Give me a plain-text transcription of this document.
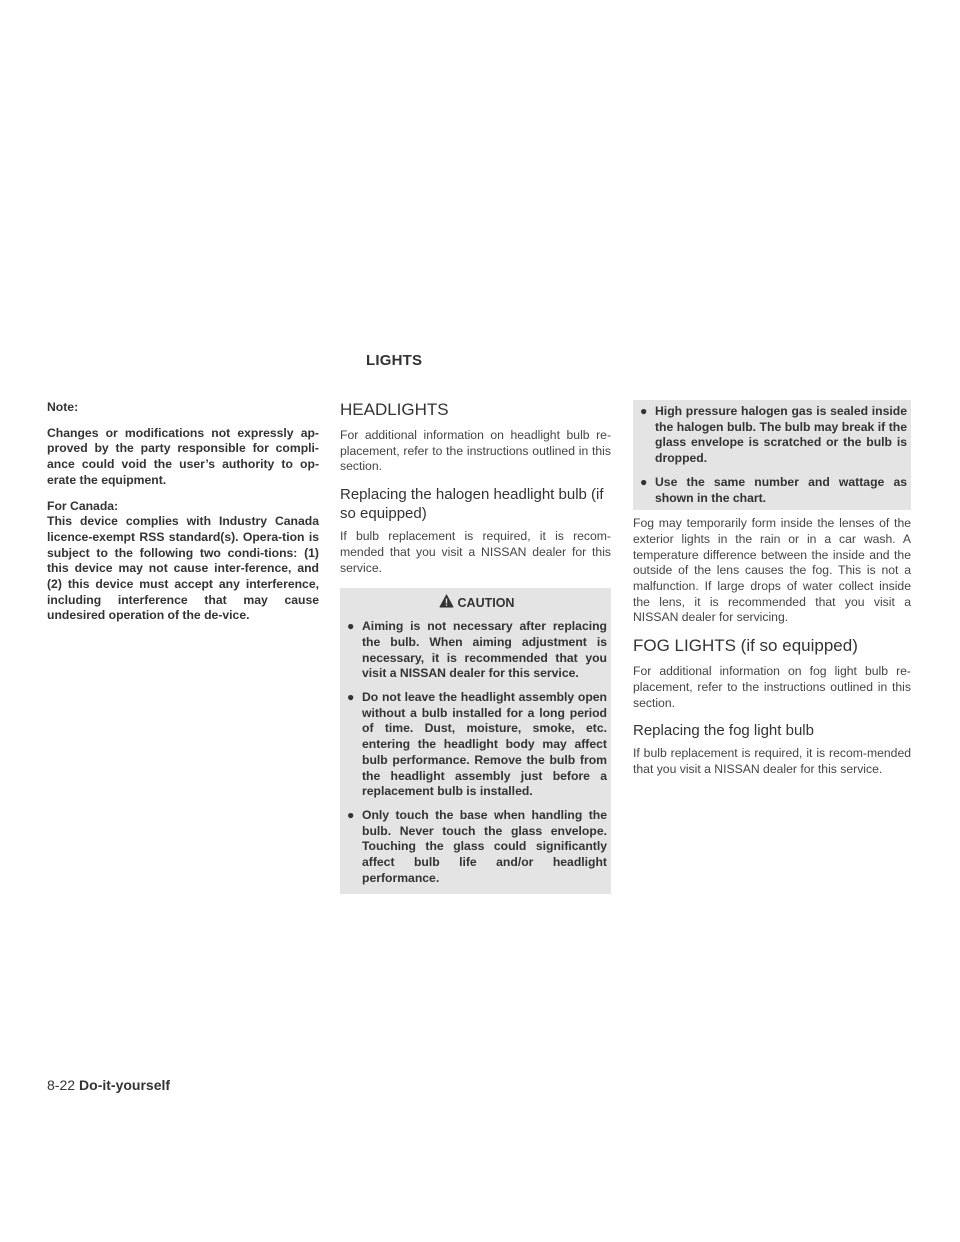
LIGHTS
Note:
Changes or modifications not expressly ap-proved by the party responsible for compli-ance could void the user’s authority to op-erate the equipment.
For Canada:
This device complies with Industry Canada licence-exempt RSS standard(s). Opera-tion is subject to the following two condi-tions: (1) this device may not cause inter-ference, and (2) this device must accept any interference, including interference that may cause undesired operation of the de-vice.
HEADLIGHTS
For additional information on headlight bulb re-placement, refer to the instructions outlined in this section.
Replacing the halogen headlight bulb (if so equipped)
If bulb replacement is required, it is recom-mended that you visit a NISSAN dealer for this service.
CAUTION
● Aiming is not necessary after replacing the bulb. When aiming adjustment is necessary, it is recommended that you visit a NISSAN dealer for this service.
● Do not leave the headlight assembly open without a bulb installed for a long period of time. Dust, moisture, smoke, etc. entering the headlight body may affect bulb performance. Remove the bulb from the headlight assembly just before a replacement bulb is installed.
● Only touch the base when handling the bulb. Never touch the glass envelope. Touching the glass could significantly affect bulb life and/or headlight performance.
● High pressure halogen gas is sealed inside the halogen bulb. The bulb may break if the glass envelope is scratched or the bulb is dropped.
● Use the same number and wattage as shown in the chart.
Fog may temporarily form inside the lenses of the exterior lights in the rain or in a car wash. A temperature difference between the inside and the outside of the lens causes the fog. This is not a malfunction. If large drops of water collect inside the lens, it is recommended that you visit a NISSAN dealer for servicing.
FOG LIGHTS (if so equipped)
For additional information on fog light bulb re-placement, refer to the instructions outlined in this section.
Replacing the fog light bulb
If bulb replacement is required, it is recom-mended that you visit a NISSAN dealer for this service.
8-22 Do-it-yourself
